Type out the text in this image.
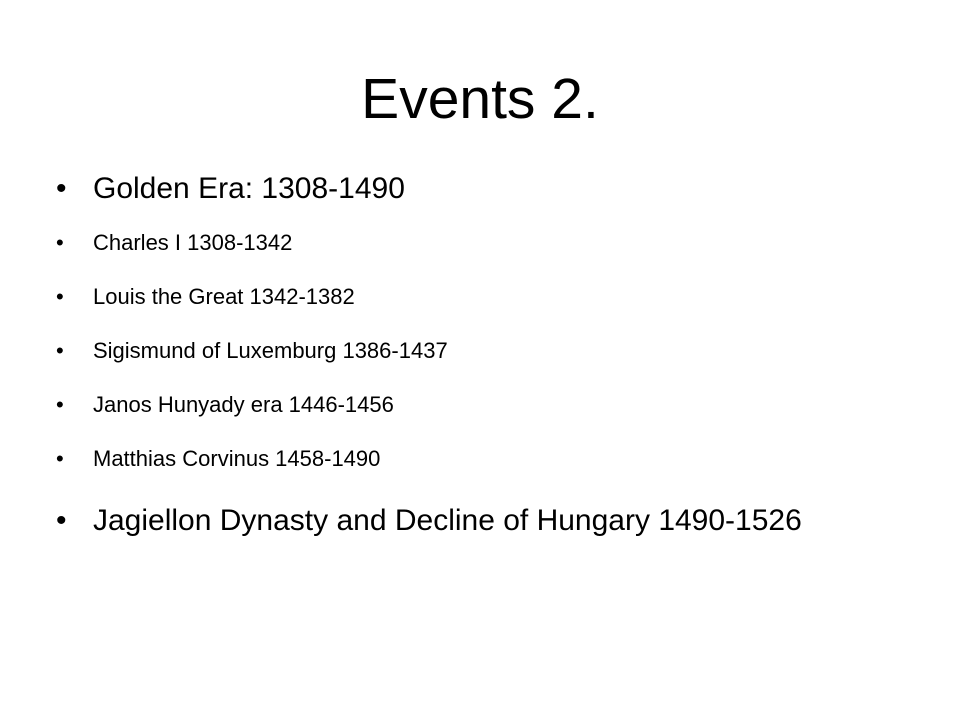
Events 2.
• Golden Era: 1308-1490
• Charles I 1308-1342
• Louis the Great 1342-1382
• Sigismund of Luxemburg 1386-1437
• Janos Hunyady era 1446-1456
• Matthias Corvinus 1458-1490
• Jagiellon Dynasty and Decline of Hungary 1490-1526
